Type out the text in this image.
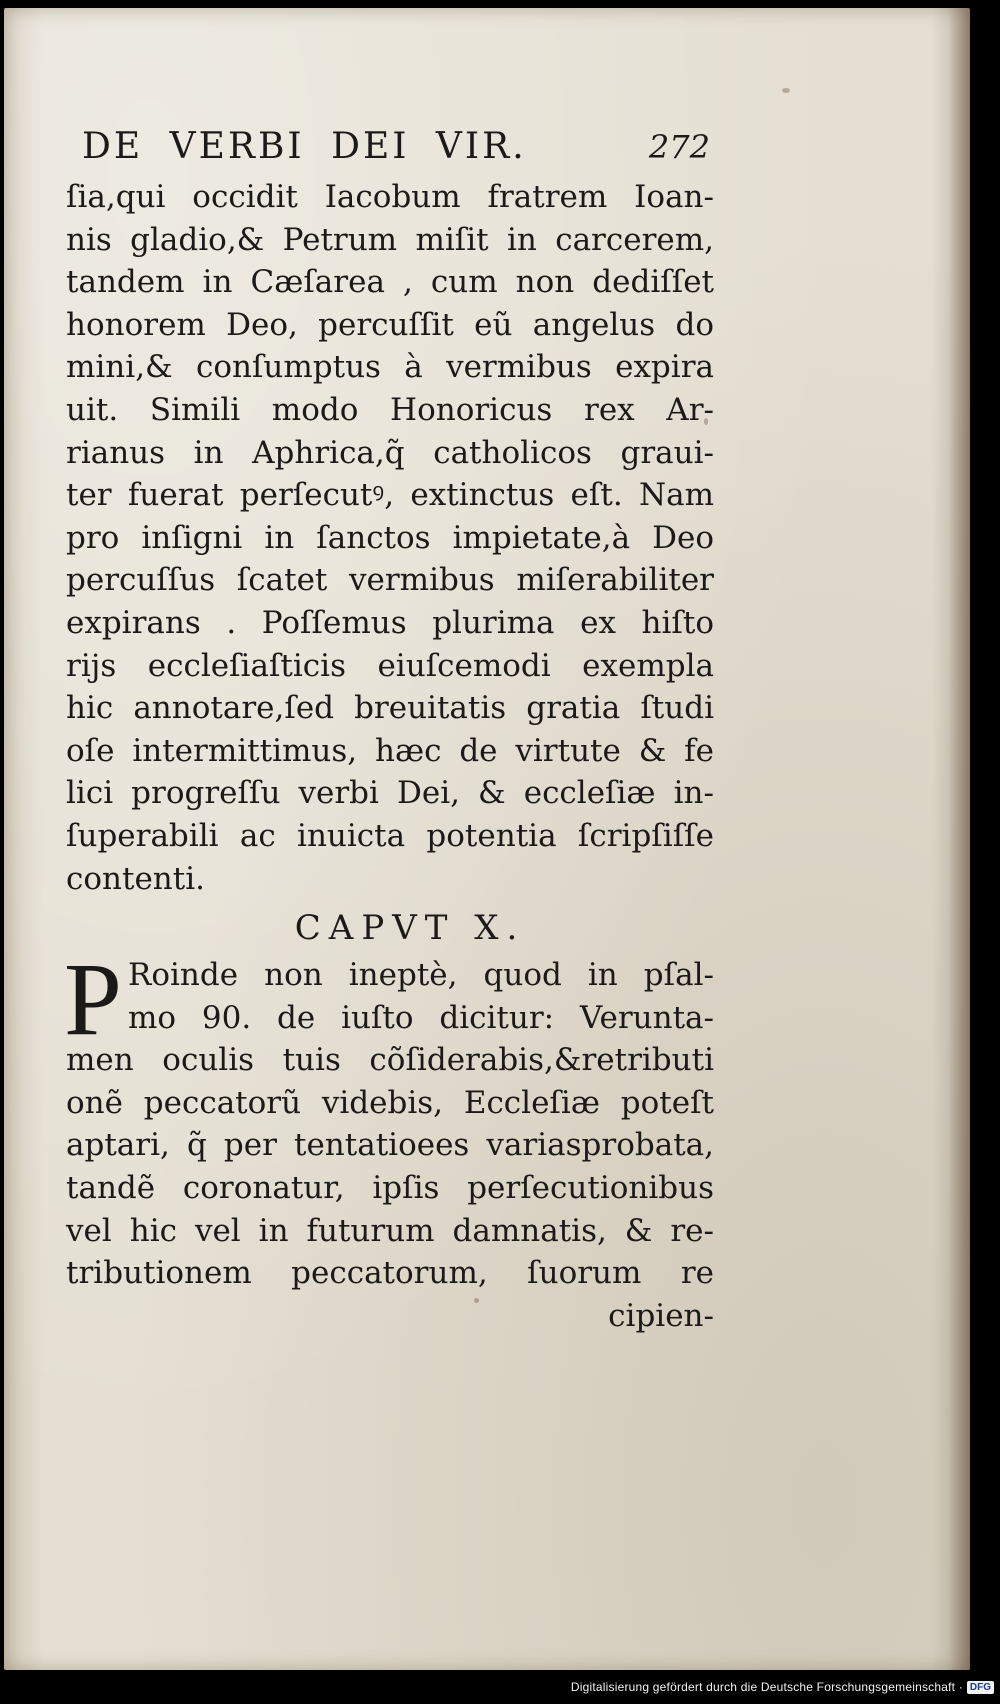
DE VERBI DEI VIR.	272
ſia,qui occidit Iacobum fratrem Ioan-
nis gladio,& Petrum miſit in carcerem,
tandem in Cæſarea , cum non dediſſet
honorem Deo, percuſſit eũ angelus do
mini,& conſumptus à vermibus expira
uit. Simili modo Honoricus rex Ar-
rianus in Aphrica,q̃ catholicos graui-
ter fuerat perſecutꝰ, extinctus eſt. Nam
pro inſigni in ſanctos impietate,à Deo
percuſſus ſcatet vermibus miſerabiliter
expirans . Poſſemus plurima ex hiſto
rijs eccleſiaſticis eiuſcemodi exempla
hic annotare,ſed breuitatis gratia ſtudi
oſe intermittimus, hæc de virtute & fe
lici progreſſu verbi Dei, & eccleſiæ in-
ſuperabili ac inuicta potentia ſcripſiſſe
contenti.
CAPVT X.
P Roinde non ineptè, quod in pſal-
mo 90. de iuſto dicitur: Verunta-
men oculis tuis cõſiderabis,&retributi
onẽ peccatorũ videbis, Eccleſiæ poteſt
aptari, q̃ per tentatioees variasprobata,
tandẽ coronatur, ipſis perſecutionibus
vel hic vel in futurum damnatis, & re-
tributionem peccatorum, ſuorum re
cipien-
Digitalisierung gefördert durch die Deutsche Forschungsgemeinschaft · DFG
